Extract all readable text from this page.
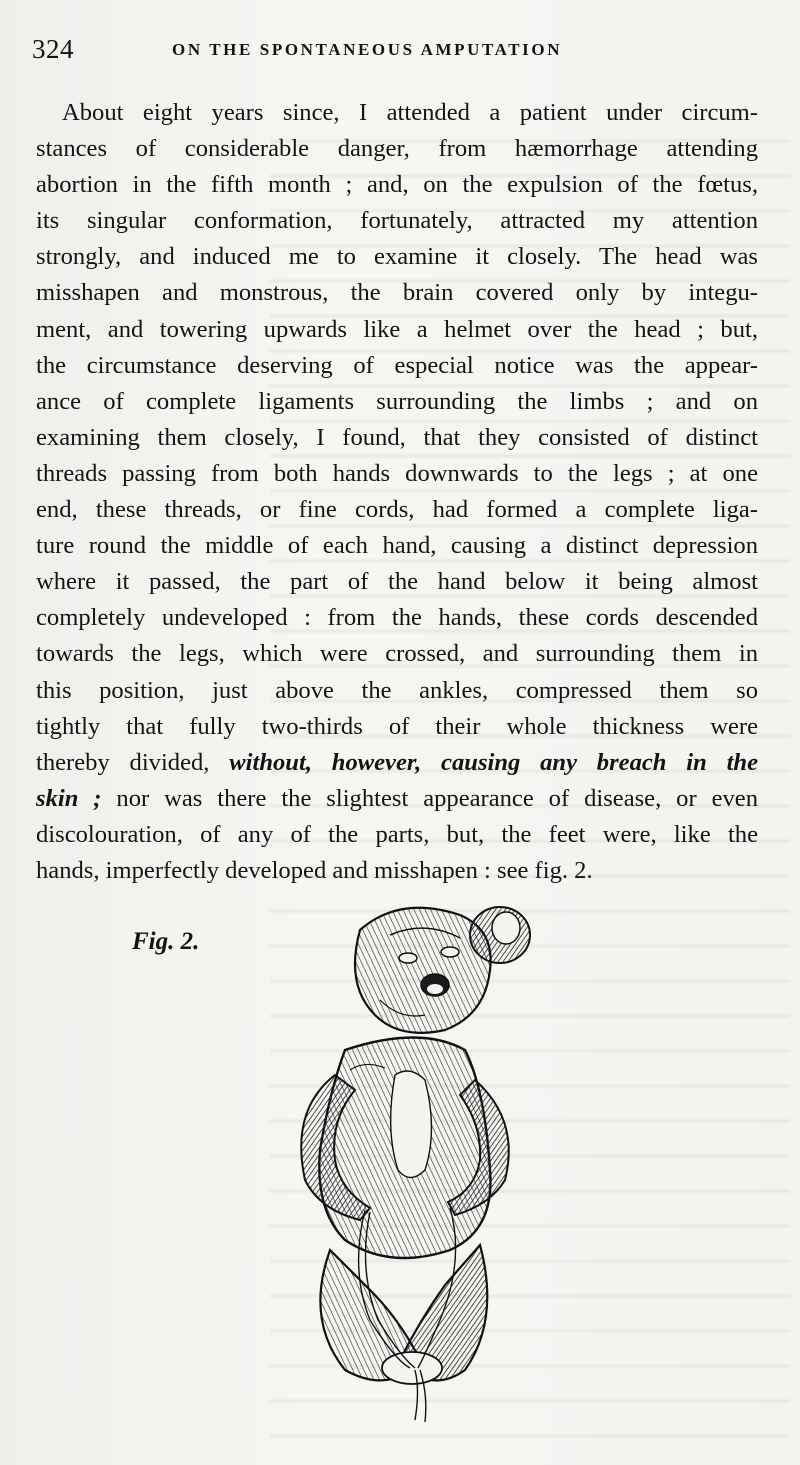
324	ON THE SPONTANEOUS AMPUTATION

About eight years since, I attended a patient under circum-
stances of considerable danger, from hæmorrhage attending
abortion in the fifth month ; and, on the expulsion of the fœtus,
its singular conformation, fortunately, attracted my attention
strongly, and induced me to examine it closely. The head was
misshapen and monstrous, the brain covered only by integu-
ment, and towering upwards like a helmet over the head ; but,
the circumstance deserving of especial notice was the appear-
ance of complete ligaments surrounding the limbs ; and on
examining them closely, I found, that they consisted of distinct
threads passing from both hands downwards to the legs ; at one
end, these threads, or fine cords, had formed a complete liga-
ture round the middle of each hand, causing a distinct depression
where it passed, the part of the hand below it being almost
completely undeveloped : from the hands, these cords descended
towards the legs, which were crossed, and surrounding them in
this position, just above the ankles, compressed them so
tightly that fully two-thirds of their whole thickness were
thereby divided, without, however, causing any breach in the
skin ; nor was there the slightest appearance of disease, or even
discolouration, of any of the parts, but, the feet were, like the
hands, imperfectly developed and misshapen : see fig. 2.

Fig. 2.
